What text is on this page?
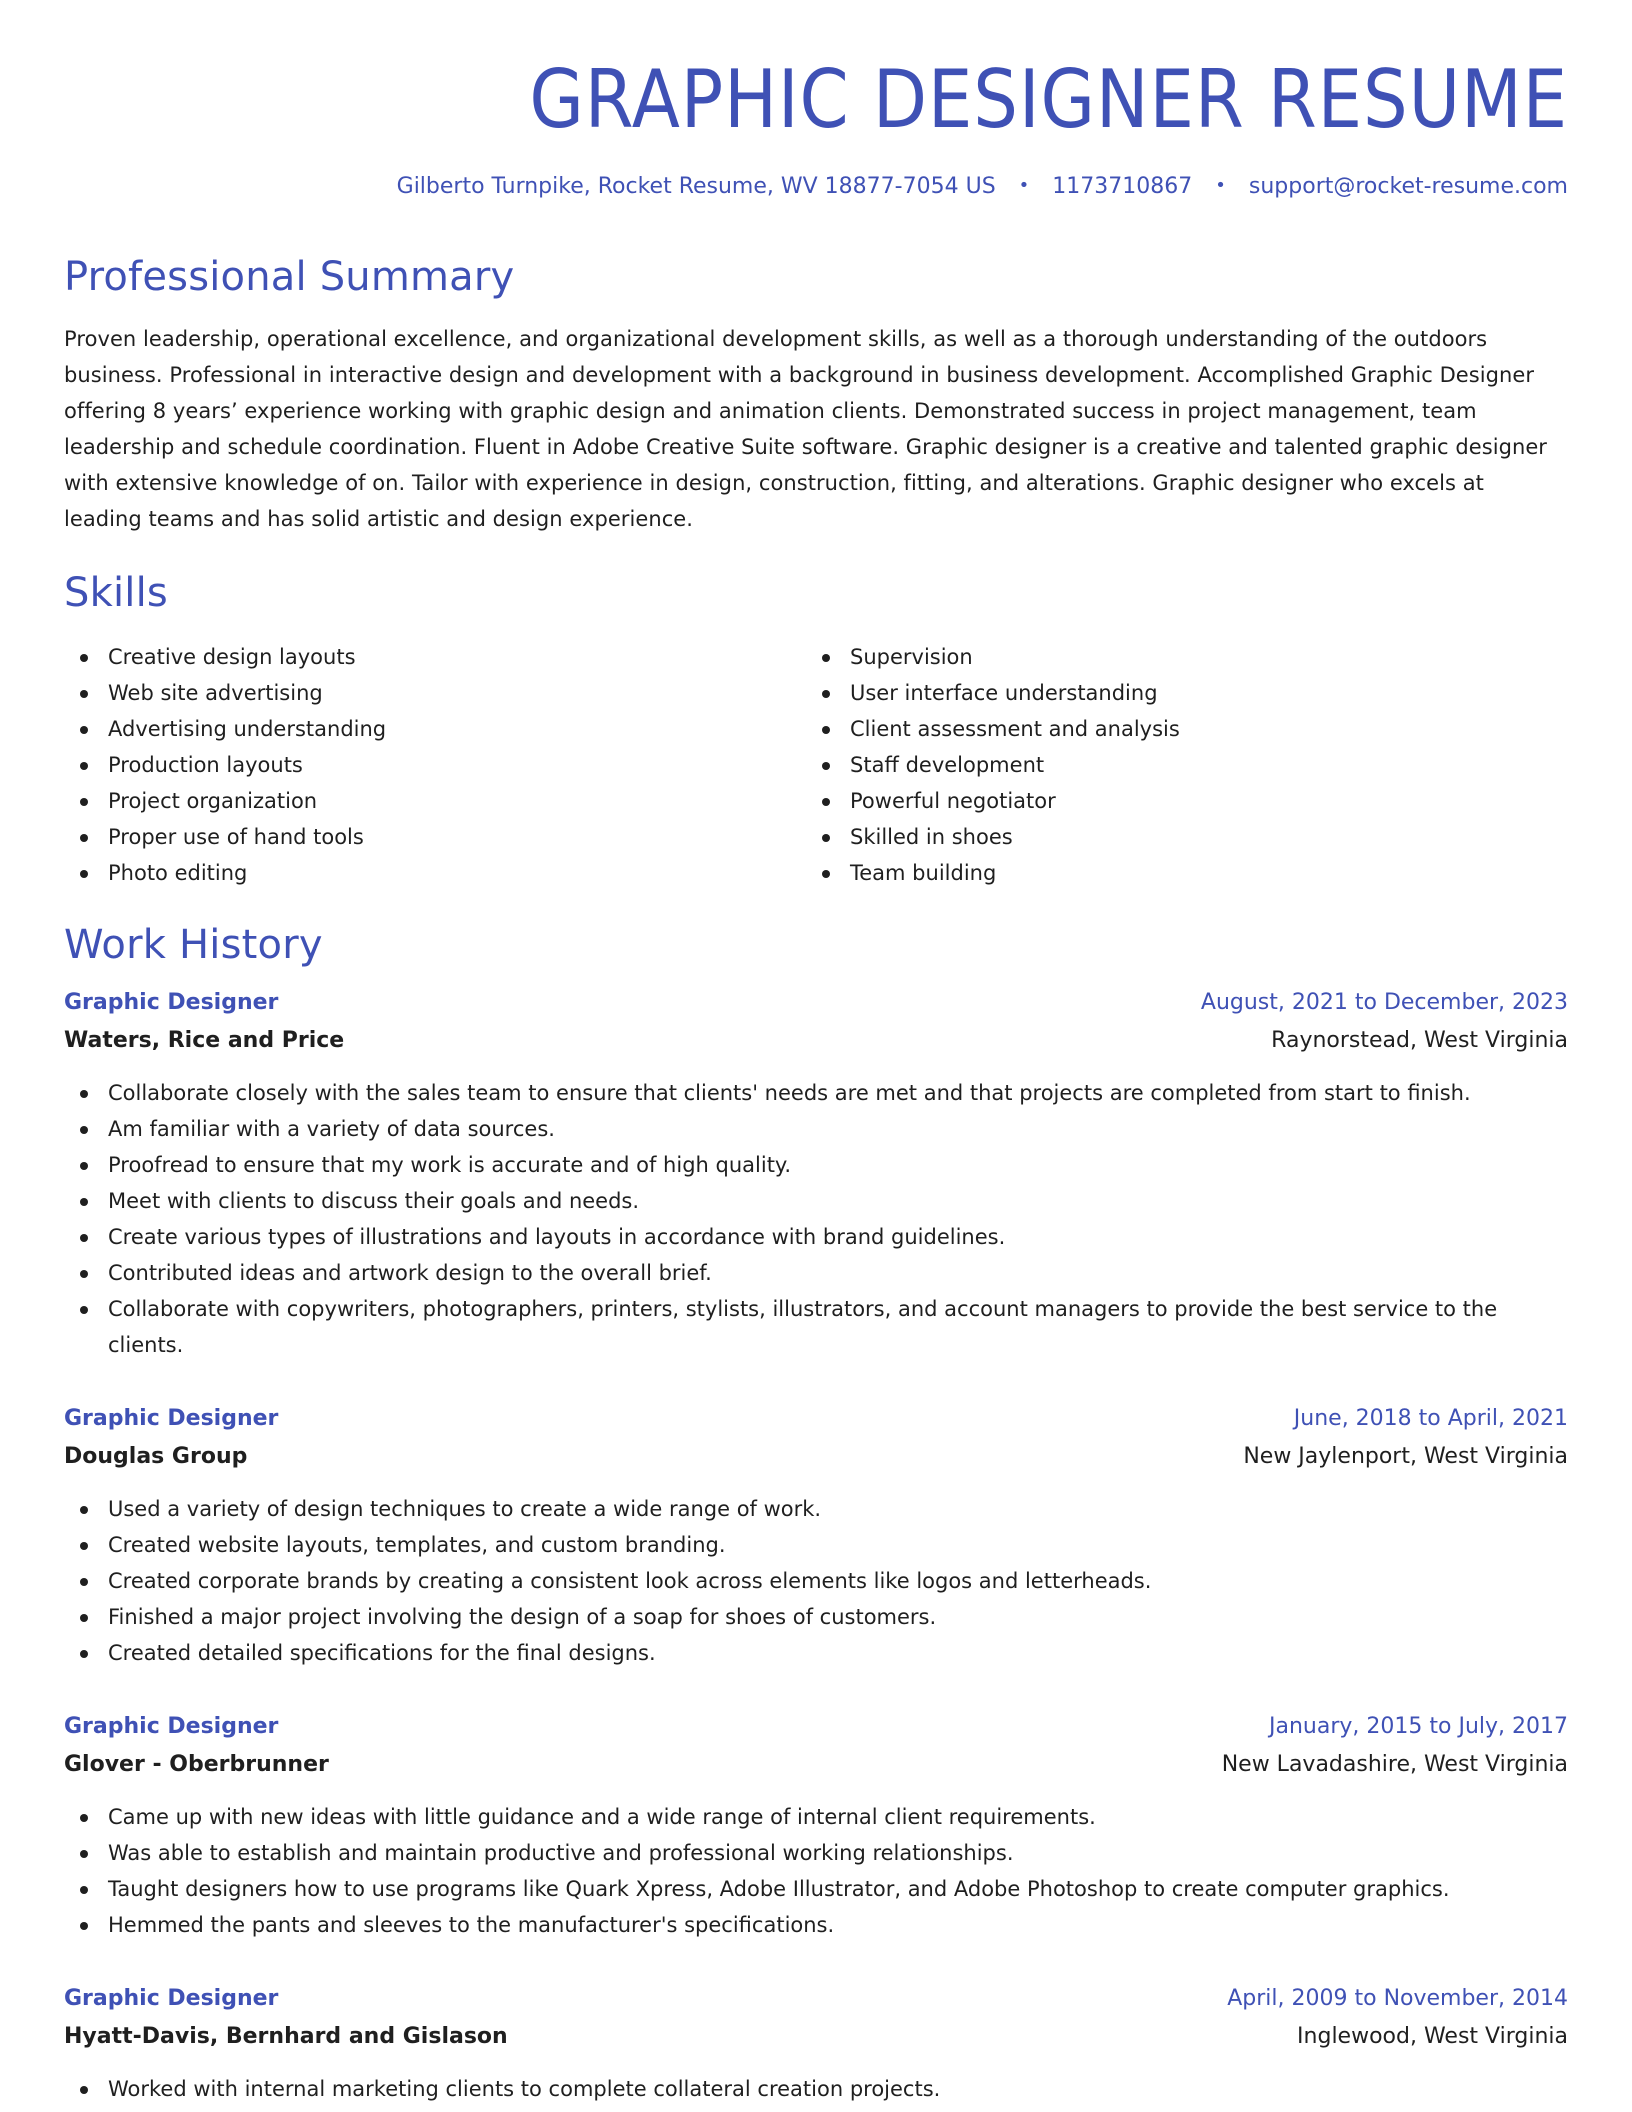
GRAPHIC DESIGNER RESUME
Gilberto Turnpike, Rocket Resume, WV 18877-7054 US • 1173710867 • support@rocket-resume.com
Professional Summary

Proven leadership, operational excellence, and organizational development skills, as well as a thorough understanding of the outdoors business. Professional in interactive design and development with a background in business development. Accomplished Graphic Designer offering 8 years’ experience working with graphic design and animation clients. Demonstrated success in project management, team leadership and schedule coordination. Fluent in Adobe Creative Suite software. Graphic designer is a creative and talented graphic designer with extensive knowledge of on. Tailor with experience in design, construction, fitting, and alterations. Graphic designer who excels at leading teams and has solid artistic and design experience.

Skills
Creative design layouts
Web site advertising
Advertising understanding
Production layouts
Project organization
Proper use of hand tools
Photo editing
Supervision
User interface understanding
Client assessment and analysis
Staff development
Powerful negotiator
Skilled in shoes
Team building
Work History
Graphic Designer	August, 2021 to December, 2023
Waters, Rice and Price	Raynorstead, West Virginia
Collaborate closely with the sales team to ensure that clients' needs are met and that projects are completed from start to finish.
Am familiar with a variety of data sources.
Proofread to ensure that my work is accurate and of high quality.
Meet with clients to discuss their goals and needs.
Create various types of illustrations and layouts in accordance with brand guidelines.
Contributed ideas and artwork design to the overall brief.
Collaborate with copywriters, photographers, printers, stylists, illustrators, and account managers to provide the best service to the clients.
Graphic Designer	June, 2018 to April, 2021
Douglas Group	New Jaylenport, West Virginia
Used a variety of design techniques to create a wide range of work.
Created website layouts, templates, and custom branding.
Created corporate brands by creating a consistent look across elements like logos and letterheads.
Finished a major project involving the design of a soap for shoes of customers.
Created detailed specifications for the final designs.
Graphic Designer	January, 2015 to July, 2017
Glover - Oberbrunner	New Lavadashire, West Virginia
Came up with new ideas with little guidance and a wide range of internal client requirements.
Was able to establish and maintain productive and professional working relationships.
Taught designers how to use programs like Quark Xpress, Adobe Illustrator, and Adobe Photoshop to create computer graphics.
Hemmed the pants and sleeves to the manufacturer's specifications.
Graphic Designer	April, 2009 to November, 2014
Hyatt-Davis, Bernhard and Gislason	Inglewood, West Virginia
Worked with internal marketing clients to complete collateral creation projects.
